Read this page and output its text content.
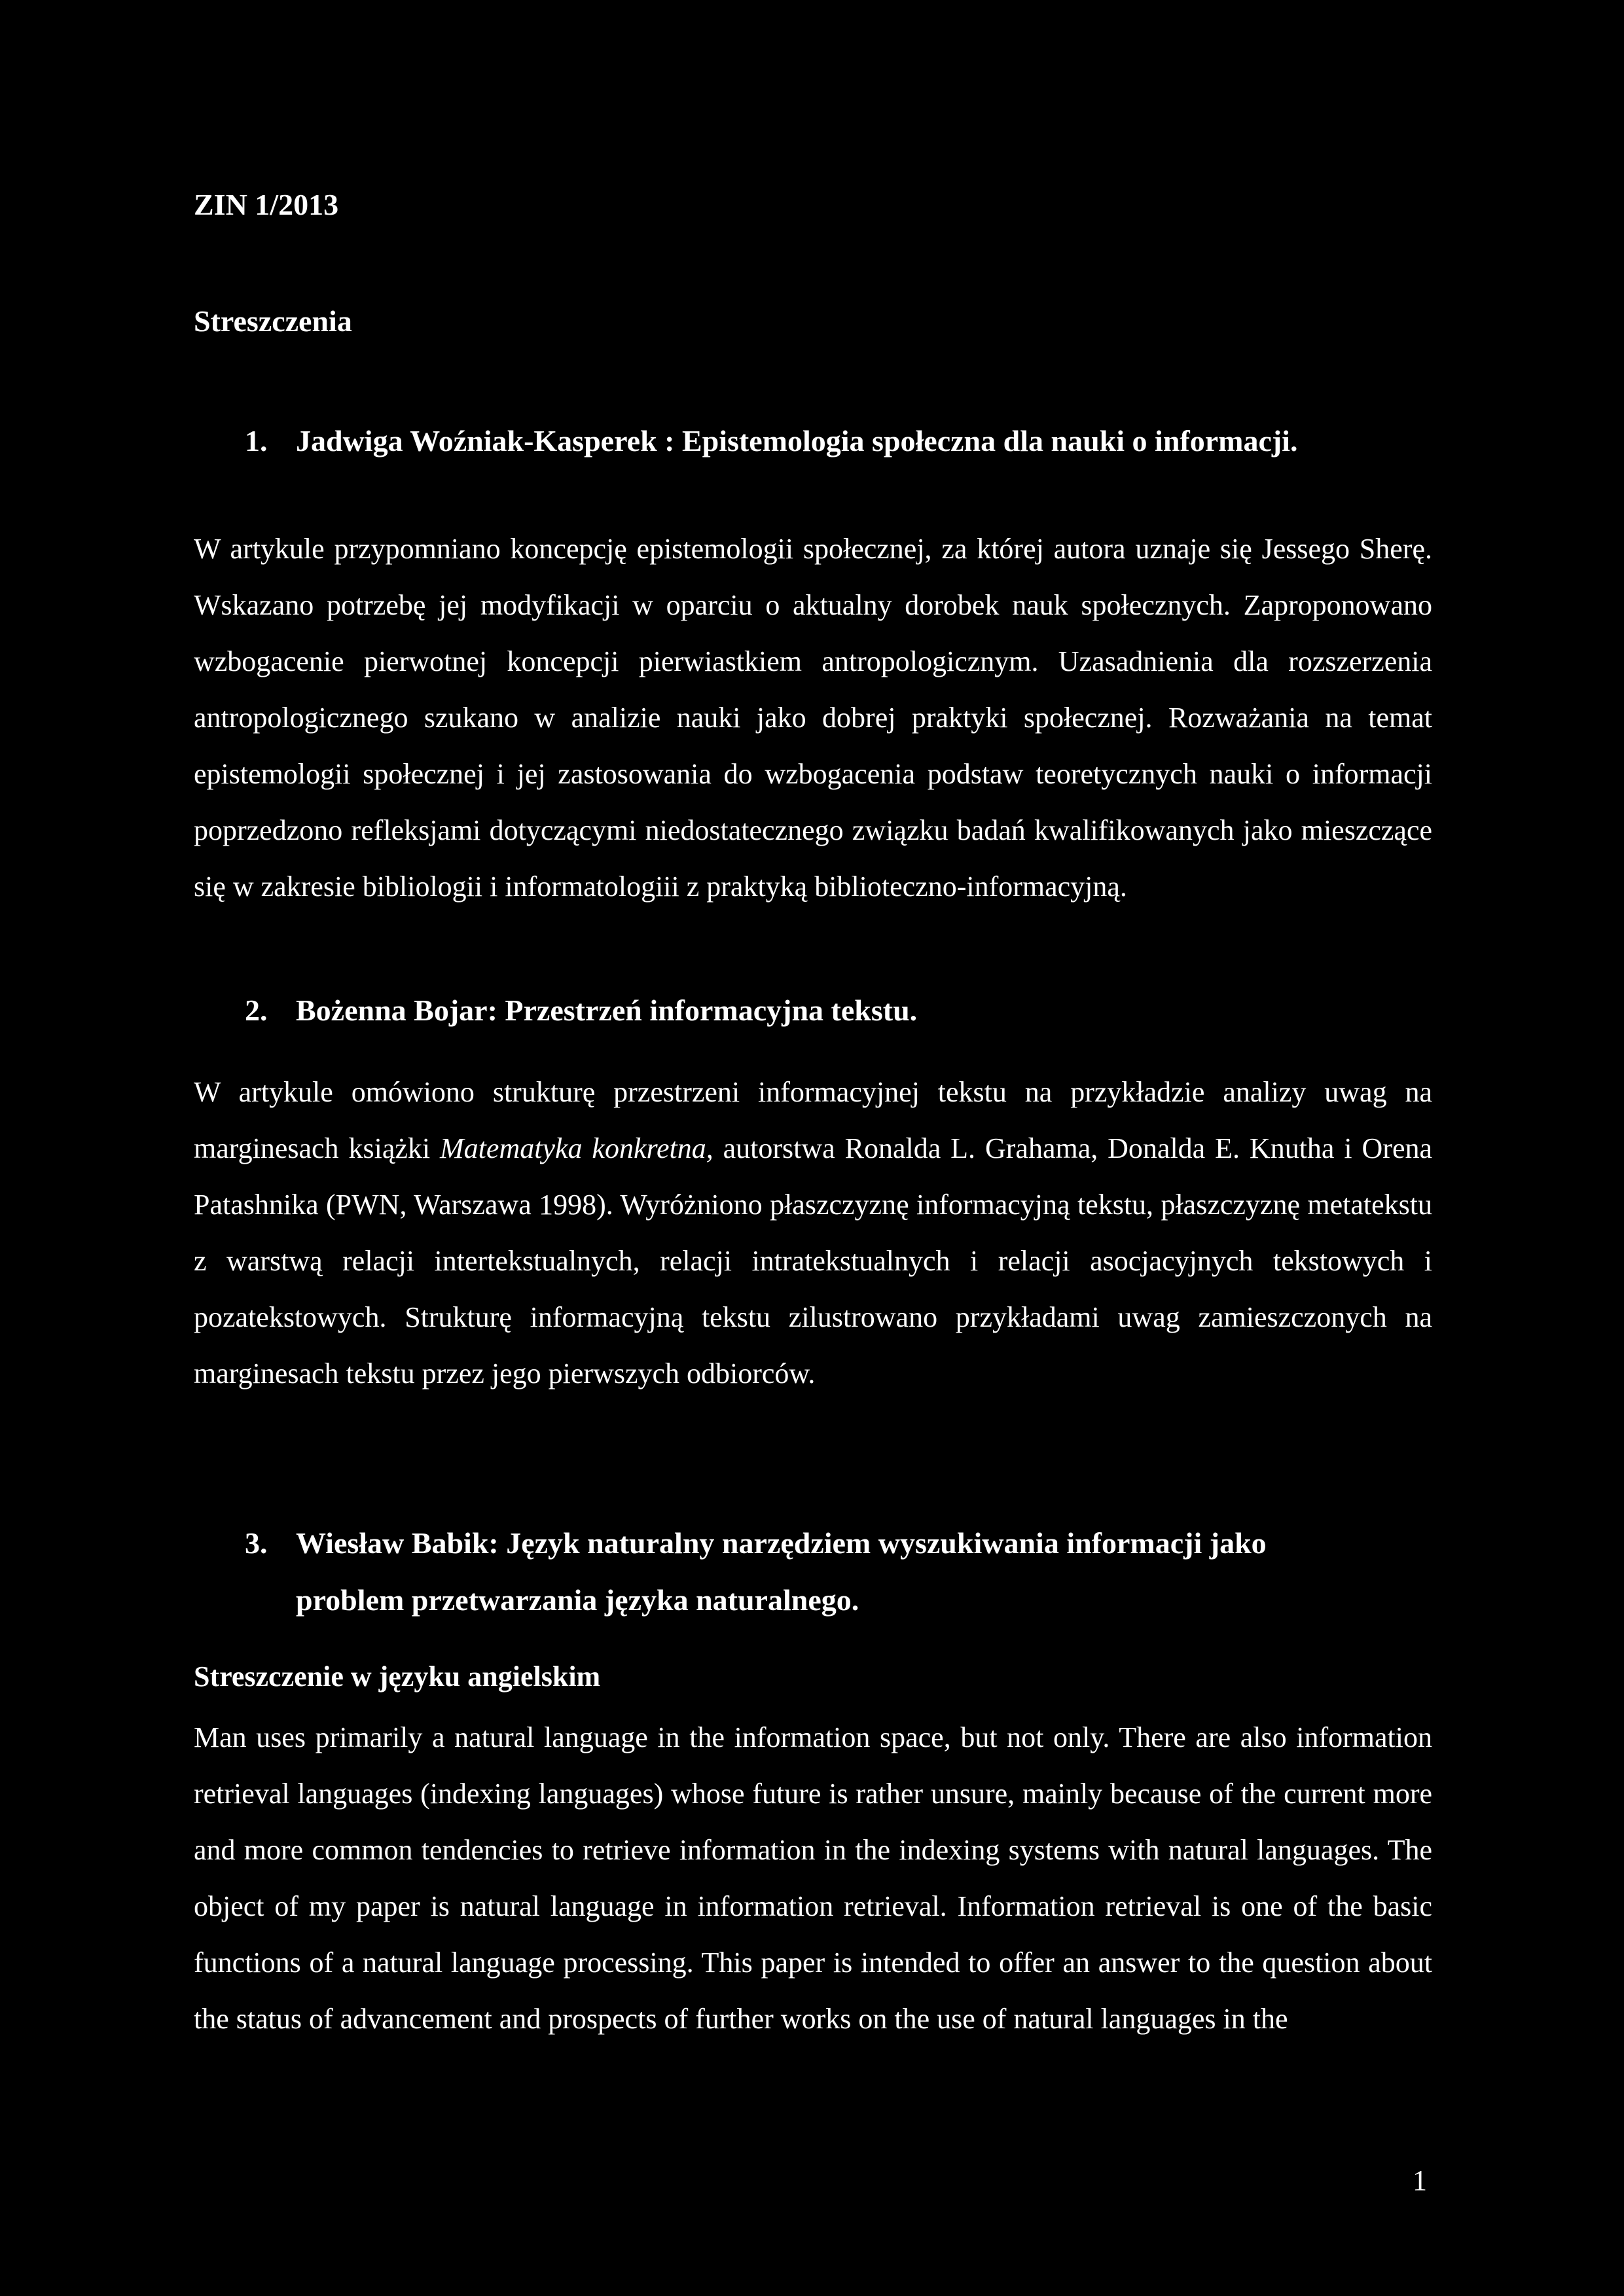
ZIN 1/2013

Streszczenia

1. Jadwiga Woźniak-Kasperek : Epistemologia społeczna dla nauki o informacji.

W artykule przypomniano koncepcję epistemologii społecznej, za której autora uznaje się Jessego Sherę. Wskazano potrzebę jej modyfikacji w oparciu o aktualny dorobek nauk społecznych. Zaproponowano wzbogacenie pierwotnej koncepcji pierwiastkiem antropologicznym. Uzasadnienia dla rozszerzenia antropologicznego szukano w analizie nauki jako dobrej praktyki społecznej. Rozważania na temat epistemologii społecznej i jej zastosowania do wzbogacenia podstaw teoretycznych nauki o informacji poprzedzono refleksjami dotyczącymi niedostatecznego związku badań kwalifikowanych jako mieszczące się w zakresie bibliologii i informatologiii z praktyką biblioteczno-informacyjną.

2. Bożenna Bojar: Przestrzeń informacyjna tekstu.

W artykule omówiono strukturę przestrzeni informacyjnej tekstu na przykładzie analizy uwag na marginesach książki Matematyka konkretna, autorstwa Ronalda L. Grahama, Donalda E. Knutha i Orena Patashnika (PWN, Warszawa 1998). Wyróżniono płaszczyznę informacyjną tekstu, płaszczyznę metatekstu z warstwą relacji intertekstualnych, relacji intratekstualnych i relacji asocjacyjnych tekstowych i pozatekstowych. Strukturę informacyjną tekstu zilustrowano przykładami uwag zamieszczonych na marginesach tekstu przez jego pierwszych odbiorców.

3. Wiesław Babik: Język naturalny narzędziem wyszukiwania informacji jako
problem przetwarzania języka naturalnego.

Streszczenie w języku angielskim

Man uses primarily a natural language in the information space, but not only. There are also information retrieval languages (indexing languages) whose future is rather unsure, mainly because of the current more and more common tendencies to retrieve information in the indexing systems with natural languages. The object of my paper is natural language in information retrieval. Information retrieval is one of the basic functions of a natural language processing. This paper is intended to offer an answer to the question about the status of advancement and prospects of further works on the use of natural languages in the

1
